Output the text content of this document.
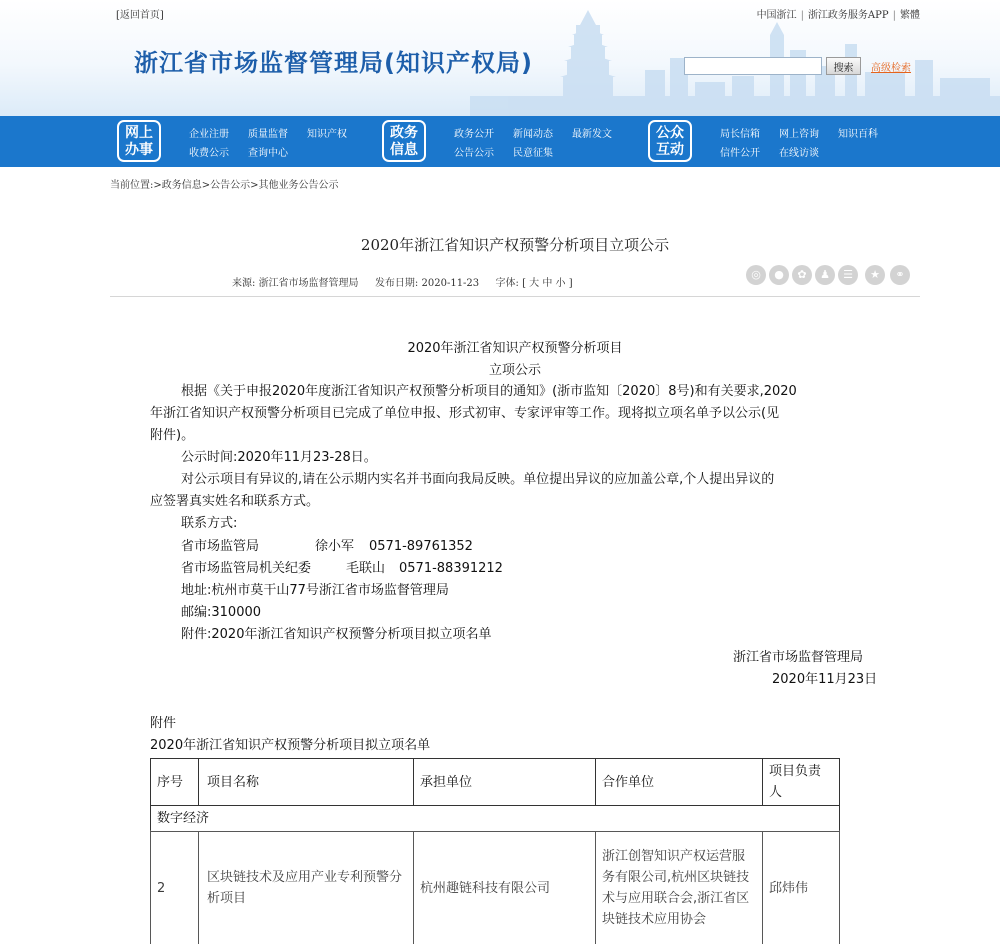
[返回首页]	中国浙江 | 浙江政务服务APP | 繁體
浙江省市场监督管理局(知识产权局)	搜索	高级检索
网上
办事
企业注册 质量监督 知识产权
收费公示 查询中心
政务
信息
政务公开 新闻动态 最新发文
公告公示 民意征集
公众
互动
局长信箱 网上咨询 知识百科
信件公开 在线访谈
当前位置:>政务信息>公告公示>其他业务公告公示
2020年浙江省知识产权预警分析项目立项公示
来源: 浙江省市场监督管理局 发布日期: 2020-11-23 字体: [ 大 中 小 ]
◎	●	✿	♟	☰	★	⚭
2020年浙江省知识产权预警分析项目
立项公示
根据《关于申报2020年度浙江省知识产权预警分析项目的通知》(浙市监知〔2020〕8号)和有关要求,2020
年浙江省知识产权预警分析项目已完成了单位申报、形式初审、专家评审等工作。现将拟立项名单予以公示(见
附件)。
公示时间:2020年11月23-28日。
对公示项目有异议的,请在公示期内实名并书面向我局反映。单位提出异议的应加盖公章,个人提出异议的
应签署真实姓名和联系方式。
联系方式:
省市场监管局	徐小军 0571-89761352
省市场监管局机关纪委	毛联山 0571-88391212
地址:杭州市莫干山77号浙江省市场监督管理局
邮编:310000
附件:2020年浙江省知识产权预警分析项目拟立项名单
浙江省市场监督管理局
2020年11月23日
附件
2020年浙江省知识产权预警分析项目拟立项名单
序号	项目名称	承担单位	合作单位	项目负责人
数字经济				
2	区块链技术及应用产业专利预警分析项目	杭州趣链科技有限公司	浙江创智知识产权运营服务有限公司,杭州区块链技术与应用联合会,浙江省区块链技术应用协会	邱炜伟
